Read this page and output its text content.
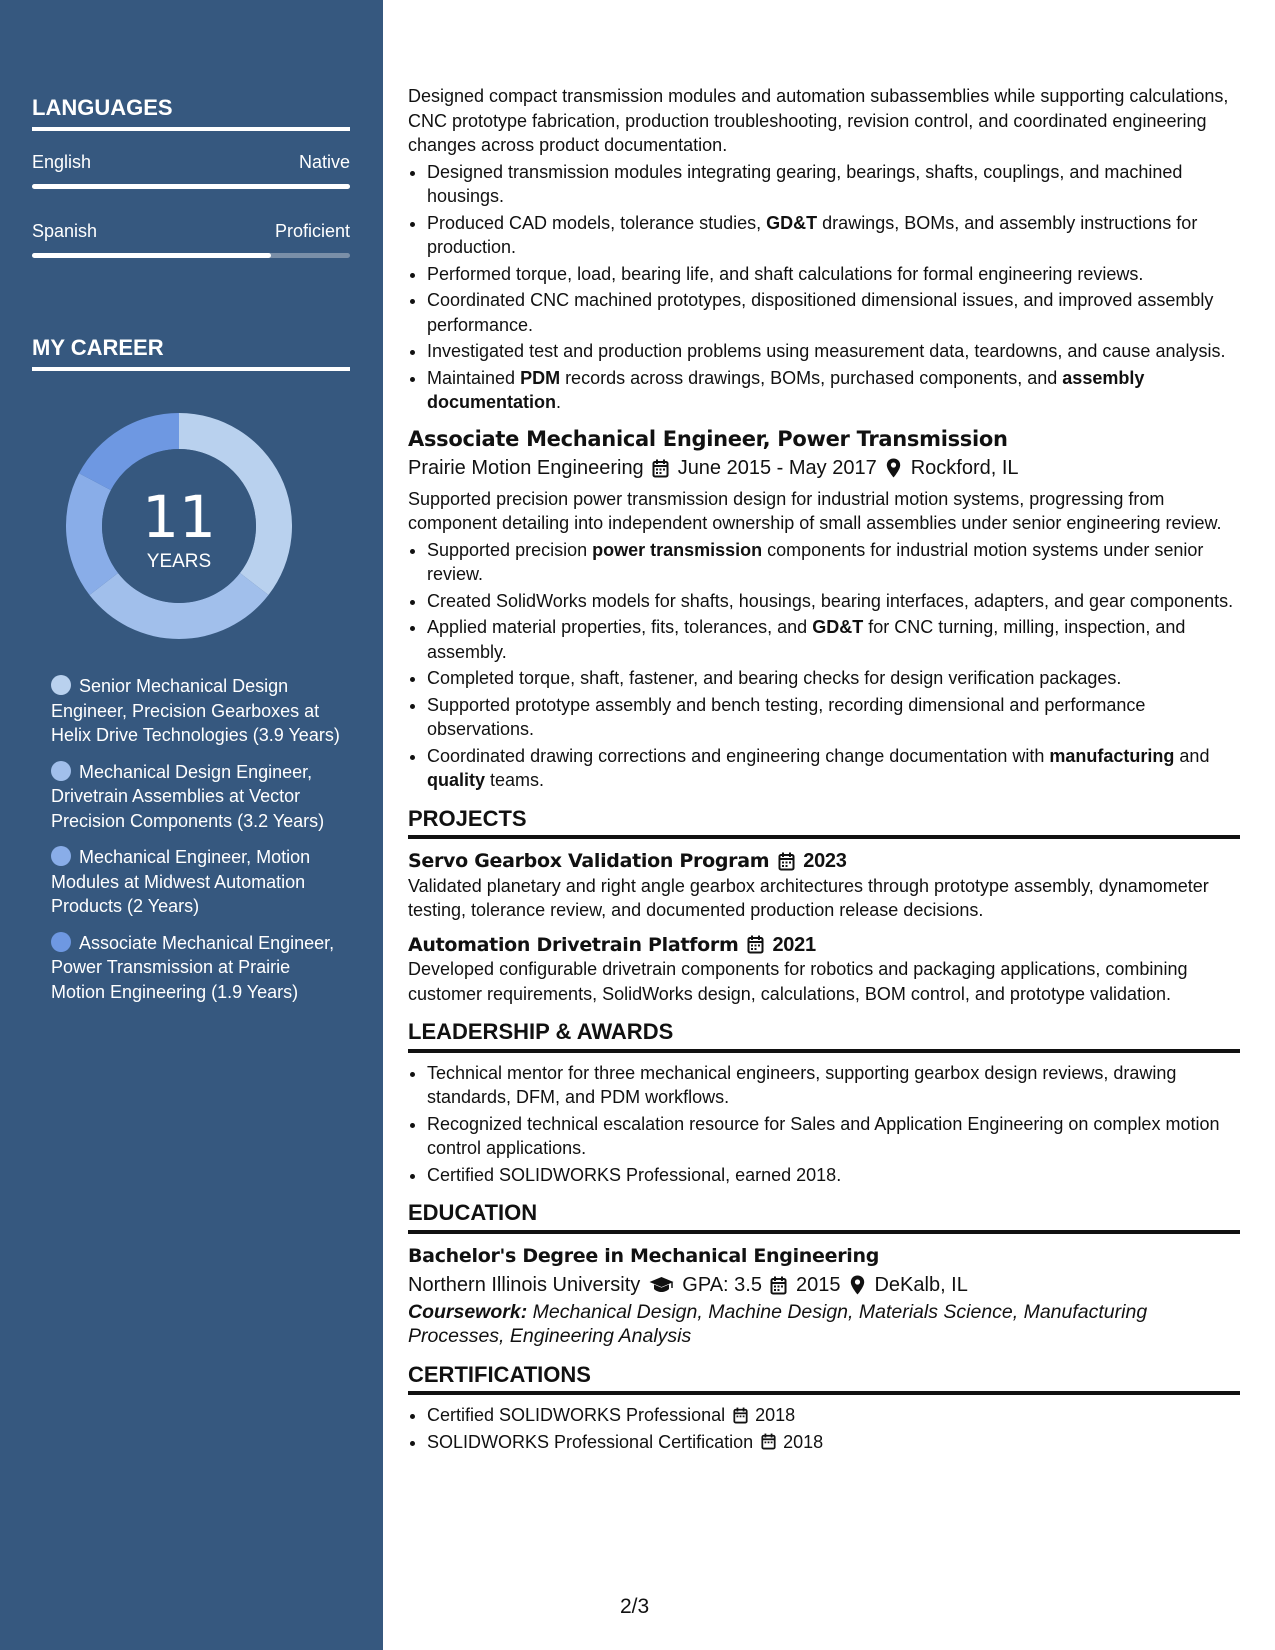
LANGUAGES
English	Native
Spanish	Proficient
MY CAREER
11
YEARS
Senior Mechanical Design Engineer, Precision Gearboxes at Helix Drive Technologies (3.9 Years)
Mechanical Design Engineer, Drivetrain Assemblies at Vector Precision Components (3.2 Years)
Mechanical Engineer, Motion Modules at Midwest Automation Products (2 Years)
Associate Mechanical Engineer, Power Transmission at Prairie Motion Engineering (1.9 Years)

Designed compact transmission modules and automation subassemblies while supporting calculations, CNC prototype fabrication, production troubleshooting, revision control, and coordinated engineering changes across product documentation.

• Designed transmission modules integrating gearing, bearings, shafts, couplings, and machined housings.
• Produced CAD models, tolerance studies, GD&T drawings, BOMs, and assembly instructions for production.
• Performed torque, load, bearing life, and shaft calculations for formal engineering reviews.
• Coordinated CNC machined prototypes, dispositioned dimensional issues, and improved assembly performance.
• Investigated test and production problems using measurement data, teardowns, and cause analysis.
• Maintained PDM records across drawings, BOMs, purchased components, and assembly documentation.
Associate Mechanical Engineer, Power Transmission
Prairie Motion Engineering June 2015 - May 2017 Rockford, IL

Supported precision power transmission design for industrial motion systems, progressing from component detailing into independent ownership of small assemblies under senior engineering review.

• Supported precision power transmission components for industrial motion systems under senior review.
• Created SolidWorks models for shafts, housings, bearing interfaces, adapters, and gear components.
• Applied material properties, fits, tolerances, and GD&T for CNC turning, milling, inspection, and assembly.
• Completed torque, shaft, fastener, and bearing checks for design verification packages.
• Supported prototype assembly and bench testing, recording dimensional and performance observations.
• Coordinated drawing corrections and engineering change documentation with manufacturing and quality teams.
PROJECTS
Servo Gearbox Validation Program 2023

Validated planetary and right angle gearbox architectures through prototype assembly, dynamometer testing, tolerance review, and documented production release decisions.

Automation Drivetrain Platform 2021

Developed configurable drivetrain components for robotics and packaging applications, combining customer requirements, SolidWorks design, calculations, BOM control, and prototype validation.

LEADERSHIP & AWARDS
• Technical mentor for three mechanical engineers, supporting gearbox design reviews, drawing standards, DFM, and PDM workflows.
• Recognized technical escalation resource for Sales and Application Engineering on complex motion control applications.
• Certified SOLIDWORKS Professional, earned 2018.
EDUCATION
Bachelor's Degree in Mechanical Engineering
Northern Illinois University GPA: 3.5 2015 DeKalb, IL

Coursework: Mechanical Design, Machine Design, Materials Science, Manufacturing Processes, Engineering Analysis

CERTIFICATIONS
• Certified SOLIDWORKS Professional 2018
• SOLIDWORKS Professional Certification 2018
2/3
